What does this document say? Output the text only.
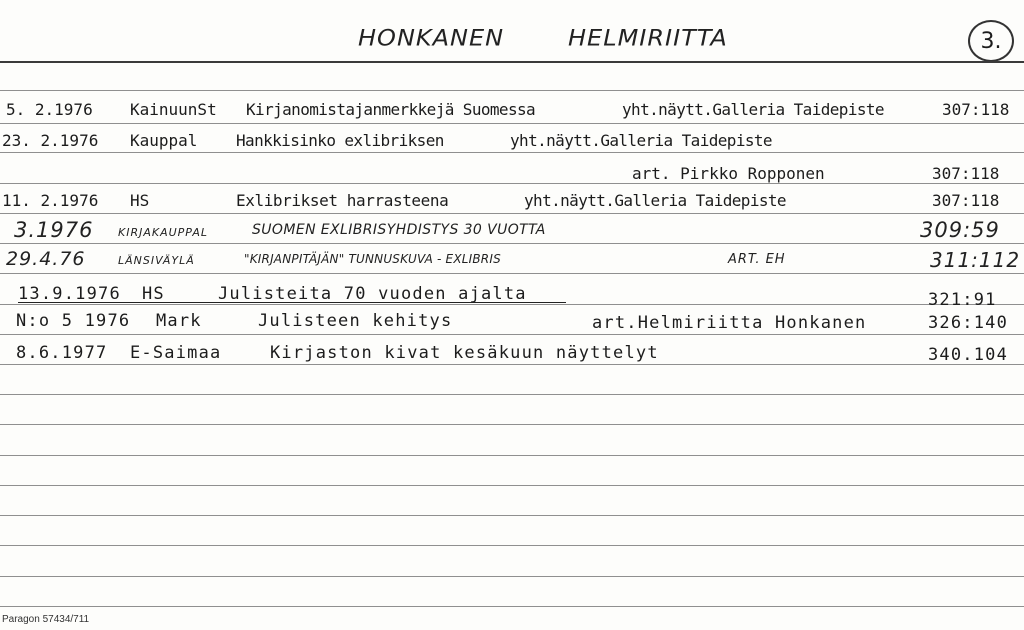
HONKANEN	HELMIRIITTA	3.
5. 2.1976 KainuunSt Kirjanomistajanmerkkejä Suomessa	yht.näytt.Galleria Taidepiste	307:118
23. 2.1976 Kauppal Hankkisinko exlibriksen	yht.näytt.Galleria Taidepiste
art. Pirkko Ropponen	307:118
11. 2.1976 HS	Exlibrikset harrasteena	yht.näytt.Galleria Taidepiste	307:118
3.1976 KIRJAKAUPPAL	SUOMEN EXLIBRISYHDISTYS 30 VUOTTA	309:59
29.4.76	LÄNSIVÄYLÄ	"KIRJANPITÄJÄN" TUNNUSKUVA - EXLIBRIS	ART. EH	311:112
13.9.1976 HS	Julisteita 70 vuoden ajalta	321:91
N:o 5 1976 Mark	Julisteen kehitys	art.Helmiriitta Honkanen	326:140
8.6.1977 E-Saimaa	Kirjaston kivat kesäkuun näyttelyt	340.104
Paragon 57434/711
